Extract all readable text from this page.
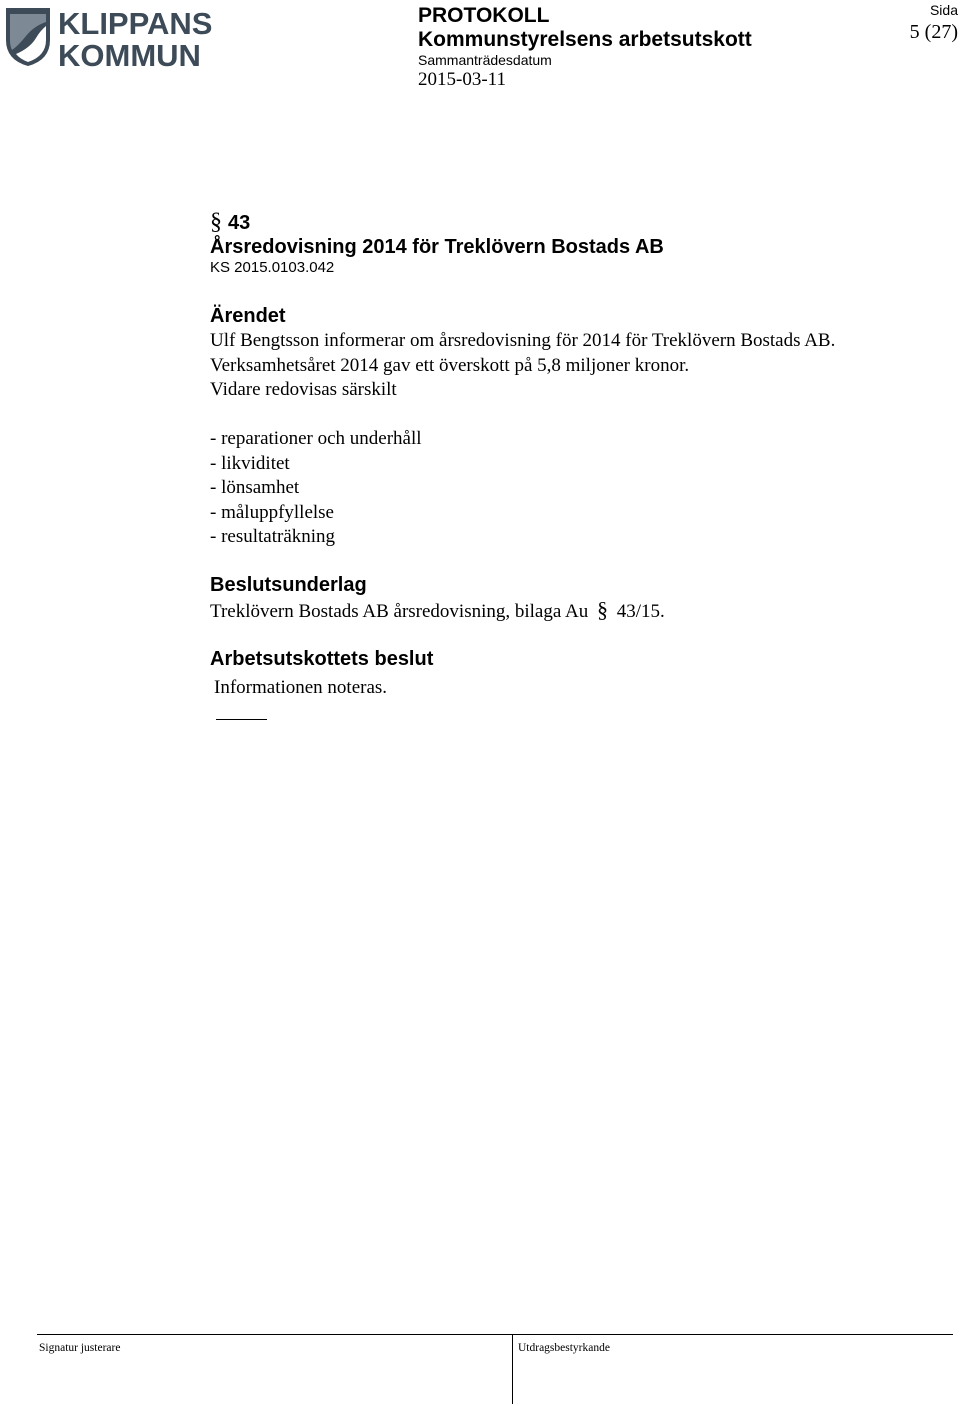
KLIPPANS
KOMMUN
PROTOKOLL
Kommunstyrelsens arbetsutskott
Sammanträdesdatum
2015-03-11
Sida
5 (27)
§ 43
Årsredovisning 2014 för Treklövern Bostads AB
KS 2015.0103.042
Ärendet
Ulf Bengtsson informerar om årsredovisning för 2014 för Treklövern Bostads AB.
Verksamhetsåret 2014 gav ett överskott på 5,8 miljoner kronor.
Vidare redovisas särskilt
- reparationer och underhåll
- likviditet
- lönsamhet
- måluppfyllelse
- resultaträkning
Beslutsunderlag
Treklövern Bostads AB årsredovisning, bilaga Au § 43/15.
Arbetsutskottets beslut
Informationen noteras.
Signatur justerare	Utdragsbestyrkande
